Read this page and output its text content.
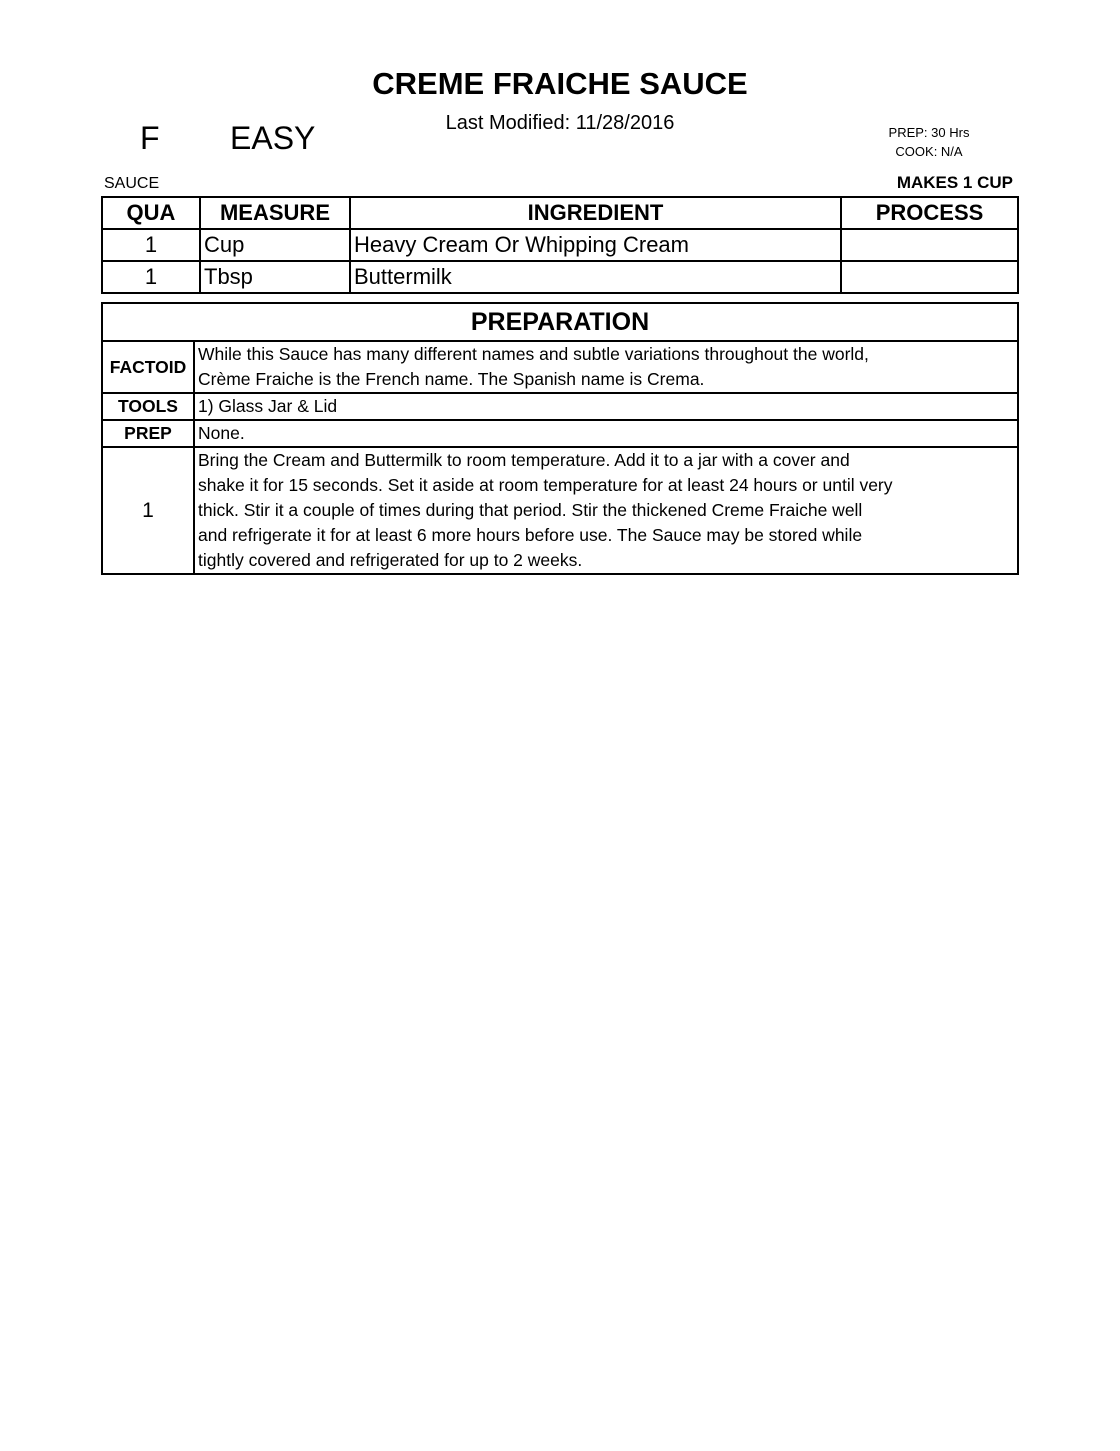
CREME FRAICHE SAUCE
Last Modified: 11/28/2016
F EASY	PREP: 30 Hrs
COOK: N/A
SAUCE	MAKES 1 CUP
QUA	MEASURE	INGREDIENT	PROCESS
1	Cup	Heavy Cream Or Whipping Cream	
1	Tbsp	Buttermilk	
PREPARATION	
FACTOID	While this Sauce has many different names and subtle variations throughout the world,
Crème Fraiche is the French name. The Spanish name is Crema.

TOOLS	1) Glass Jar & Lid
PREP	None.
1	Bring the Cream and Buttermilk to room temperature. Add it to a jar with a cover and
shake it for 15 seconds. Set it aside at room temperature for at least 24 hours or until very
thick. Stir it a couple of times during that period. Stir the thickened Creme Fraiche well
and refrigerate it for at least 6 more hours before use. The Sauce may be stored while
tightly covered and refrigerated for up to 2 weeks.
